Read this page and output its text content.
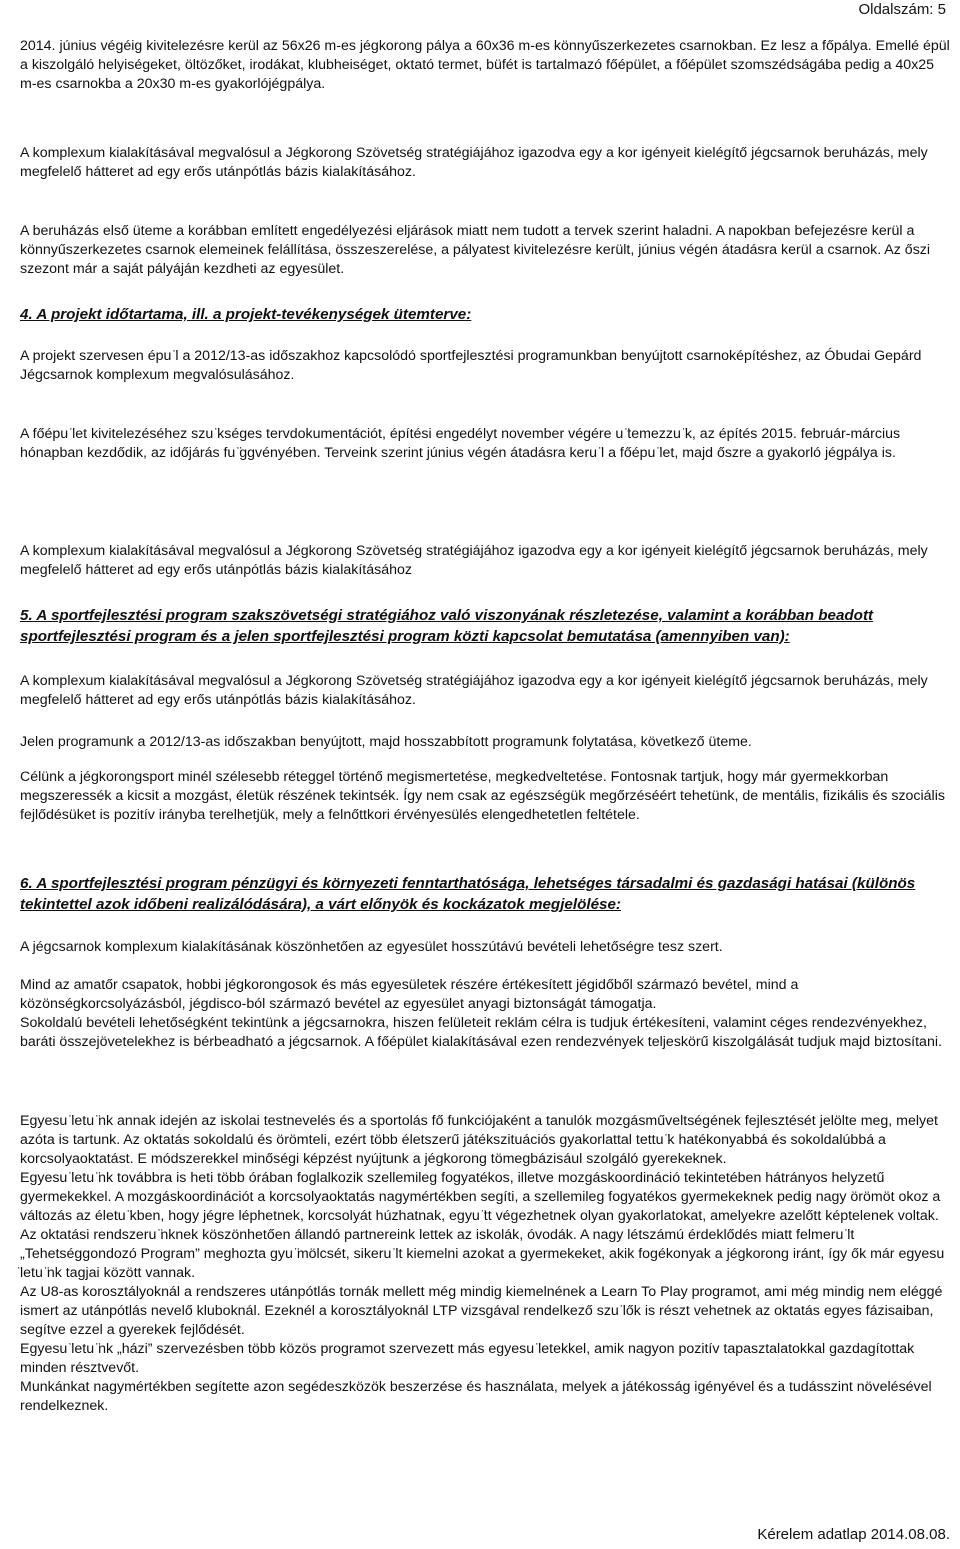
Oldalszám: 5

2014. június végéig kivitelezésre kerül az 56x26 m-es jégkorong pálya a 60x36 m-es könnyűszerkezetes csarnokban. Ez lesz a főpálya. Emellé épül a kiszolgáló helyiségeket, öltözőket, irodákat, klubheiséget, oktató termet, büfét is tartalmazó főépület, a főépület szomszédságába pedig a 40x25 m-es csarnokba a 20x30 m-es gyakorlójégpálya.

A komplexum kialakításával megvalósul a Jégkorong Szövetség stratégiájához igazodva egy a kor igényeit kielégítő jégcsarnok beruházás, mely megfelelő hátteret ad egy erős utánpótlás bázis kialakításához.

A beruházás első üteme a korábban említett engedélyezési eljárások miatt nem tudott a tervek szerint haladni. A napokban befejezésre kerül a könnyűszerkezetes csarnok elemeinek felállítása, összeszerelése, a pályatest kivitelezésre került, június végén átadásra kerül a csarnok. Az őszi szezont már a saját pályáján kezdheti az egyesület.

4. A projekt időtartama, ill. a projekt-tevékenységek ütemterve:

A projekt szervesen épu ̈l a 2012/13-as időszakhoz kapcsolódó sportfejlesztési programunkban benyújtott csarnoképítéshez, az Óbudai Gepárd Jégcsarnok komplexum megvalósulásához.

A főépu ̈let kivitelezéséhez szu ̈kséges tervdokumentációt, építési engedélyt november végére u ̈temezzu ̈k, az építés 2015. február-március hónapban kezdődik, az időjárás fu ̈ggvényében. Terveink szerint június végén átadásra keru ̈l a főépu ̈let, majd őszre a gyakorló jégpálya is.

A komplexum kialakításával megvalósul a Jégkorong Szövetség stratégiájához igazodva egy a kor igényeit kielégítő jégcsarnok beruházás, mely megfelelő hátteret ad egy erős utánpótlás bázis kialakításához

5. A sportfejlesztési program szakszövetségi stratégiához való viszonyának részletezése, valamint a korábban beadott sportfejlesztési program és a jelen sportfejlesztési program közti kapcsolat bemutatása (amennyiben van):

A komplexum kialakításával megvalósul a Jégkorong Szövetség stratégiájához igazodva egy a kor igényeit kielégítő jégcsarnok beruházás, mely megfelelő hátteret ad egy erős utánpótlás bázis kialakításához.

Jelen programunk a 2012/13-as időszakban benyújtott, majd hosszabbított programunk folytatása, következő üteme.

Célünk a jégkorongsport minél szélesebb réteggel történő megismertetése, megkedveltetése. Fontosnak tartjuk, hogy már gyermekkorban megszeressék a kicsit a mozgást, életük részének tekintsék. Így nem csak az egészségük megőrzéséért tehetünk, de mentális, fizikális és szociális fejlődésüket is pozitív irányba terelhetjük, mely a felnőttkori érvényesülés elengedhetetlen feltétele.

6. A sportfejlesztési program pénzügyi és környezeti fenntarthatósága, lehetséges társadalmi és gazdasági hatásai (különös tekintettel azok időbeni realizálódására), a várt előnyök és kockázatok megjelölése:

A jégcsarnok komplexum kialakításának köszönhetően az egyesület hosszútávú bevételi lehetőségre tesz szert.

Mind az amatőr csapatok, hobbi jégkorongosok és más egyesületek részére értékesített jégidőből származó bevétel, mind a közönségkorcsolyázásból, jégdisco-ból származó bevétel az egyesület anyagi biztonságát támogatja.

Sokoldalú bevételi lehetőségként tekintünk a jégcsarnokra, hiszen felületeit reklám célra is tudjuk értékesíteni, valamint céges rendezvényekhez, baráti összejövetelekhez is bérbeadható a jégcsarnok. A főépület kialakításával ezen rendezvények teljeskörű kiszolgálását tudjuk majd biztosítani.

Egyesu ̈letu ̈nk annak idején az iskolai testnevelés és a sportolás fő funkciójaként a tanulók mozgásműveltségének fejlesztését jelölte meg, melyet azóta is tartunk. Az oktatás sokoldalú és örömteli, ezért több életszerű játékszituációs gyakorlattal tettu ̈k hatékonyabbá és sokoldalúbbá a korcsolyaoktatást. E módszerekkel minőségi képzést nyújtunk a jégkorong tömegbázisául szolgáló gyerekeknek.

Egyesu ̈letu ̈nk továbbra is heti több órában foglalkozik szellemileg fogyatékos, illetve mozgáskoordináció tekintetében hátrányos helyzetű gyermekekkel. A mozgáskoordinációt a korcsolyaoktatás nagymértékben segíti, a szellemileg fogyatékos gyermekeknek pedig nagy örömöt okoz a változás az életu ̈kben, hogy jégre léphetnek, korcsolyát húzhatnak, egyu ̈tt végezhetnek olyan gyakorlatokat, amelyekre azelőtt képtelenek voltak.

Az oktatási rendszeru ̈nknek köszönhetően állandó partnereink lettek az iskolák, óvodák. A nagy létszámú érdeklődés miatt felmeru ̈lt „Tehetséggondozó Program” meghozta gyu ̈mölcsét, sikeru ̈lt kiemelni azokat a gyermekeket, akik fogékonyak a jégkorong iránt, így ők már egyesu ̈letu ̈nk tagjai között vannak.

Az U8-as korosztályoknál a rendszeres utánpótlás tornák mellett még mindig kiemelnének a Learn To Play programot, ami még mindig nem eléggé ismert az utánpótlás nevelő kluboknál. Ezeknél a korosztályoknál LTP vizsgával rendelkező szu ̈lők is részt vehetnek az oktatás egyes fázisaiban, segítve ezzel a gyerekek fejlődését.

Egyesu ̈letu ̈nk „házi” szervezésben több közös programot szervezett más egyesu ̈letekkel, amik nagyon pozitív tapasztalatokkal gazdagítottak minden résztvevőt.

Munkánkat nagymértékben segítette azon segédeszközök beszerzése és használata, melyek a játékosság igényével és a tudásszint növelésével rendelkeznek.

Kérelem adatlap 2014.08.08.
